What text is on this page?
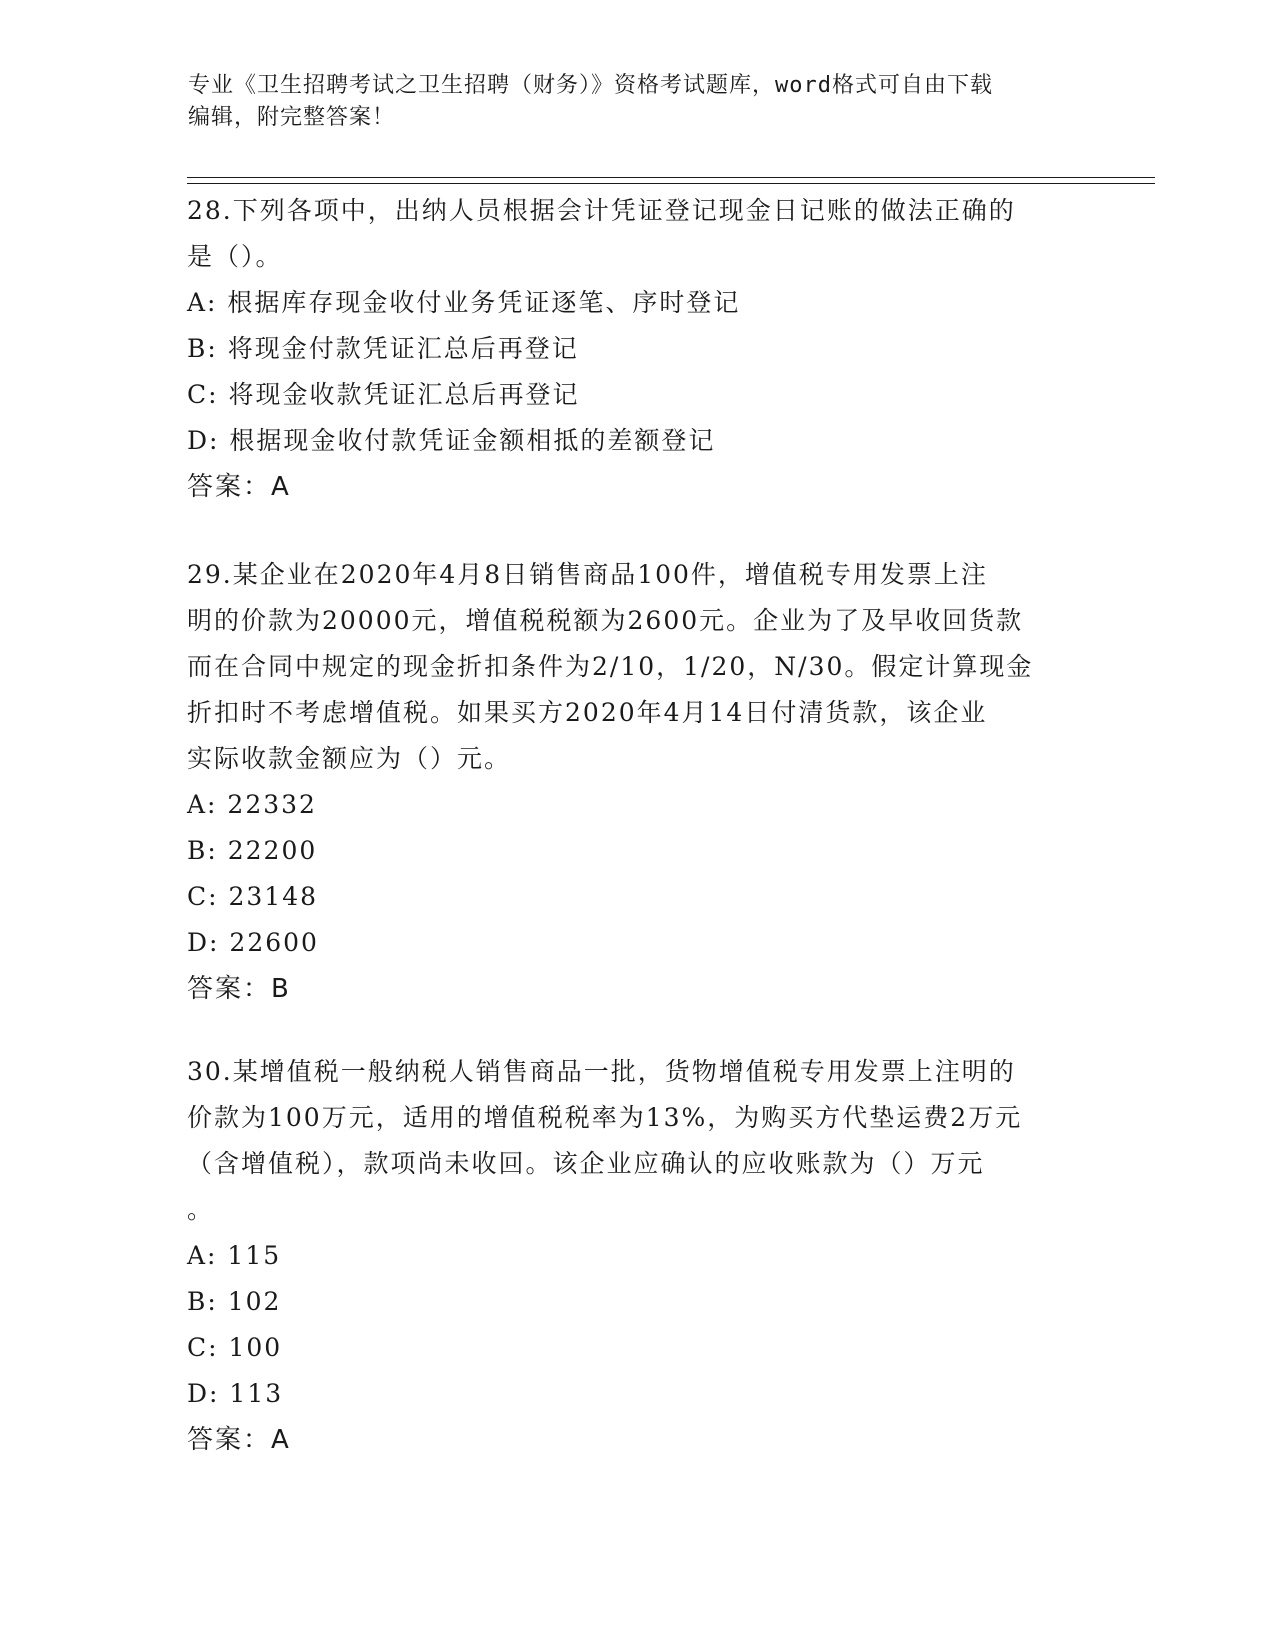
专业《卫生招聘考试之卫生招聘（财务）》资格考试题库，word格式可自由下载
编辑，附完整答案！
28.下列各项中，出纳人员根据会计凭证登记现金日记账的做法正确的
是（）。
A: 根据库存现金收付业务凭证逐笔、序时登记
B: 将现金付款凭证汇总后再登记
C: 将现金收款凭证汇总后再登记
D: 根据现金收付款凭证金额相抵的差额登记
答案：A
29.某企业在2020年4月8日销售商品100件，增值税专用发票上注
明的价款为20000元，增值税税额为2600元。企业为了及早收回货款
而在合同中规定的现金折扣条件为2/10，1/20，N/30。假定计算现金
折扣时不考虑增值税。如果买方2020年4月14日付清货款，该企业
实际收款金额应为（）元。
A: 22332
B: 22200
C: 23148
D: 22600
答案：B
30.某增值税一般纳税人销售商品一批，货物增值税专用发票上注明的
价款为100万元，适用的增值税税率为13%，为购买方代垫运费2万元
（含增值税），款项尚未收回。该企业应确认的应收账款为（）万元
。
A: 115
B: 102
C: 100
D: 113
答案：A
